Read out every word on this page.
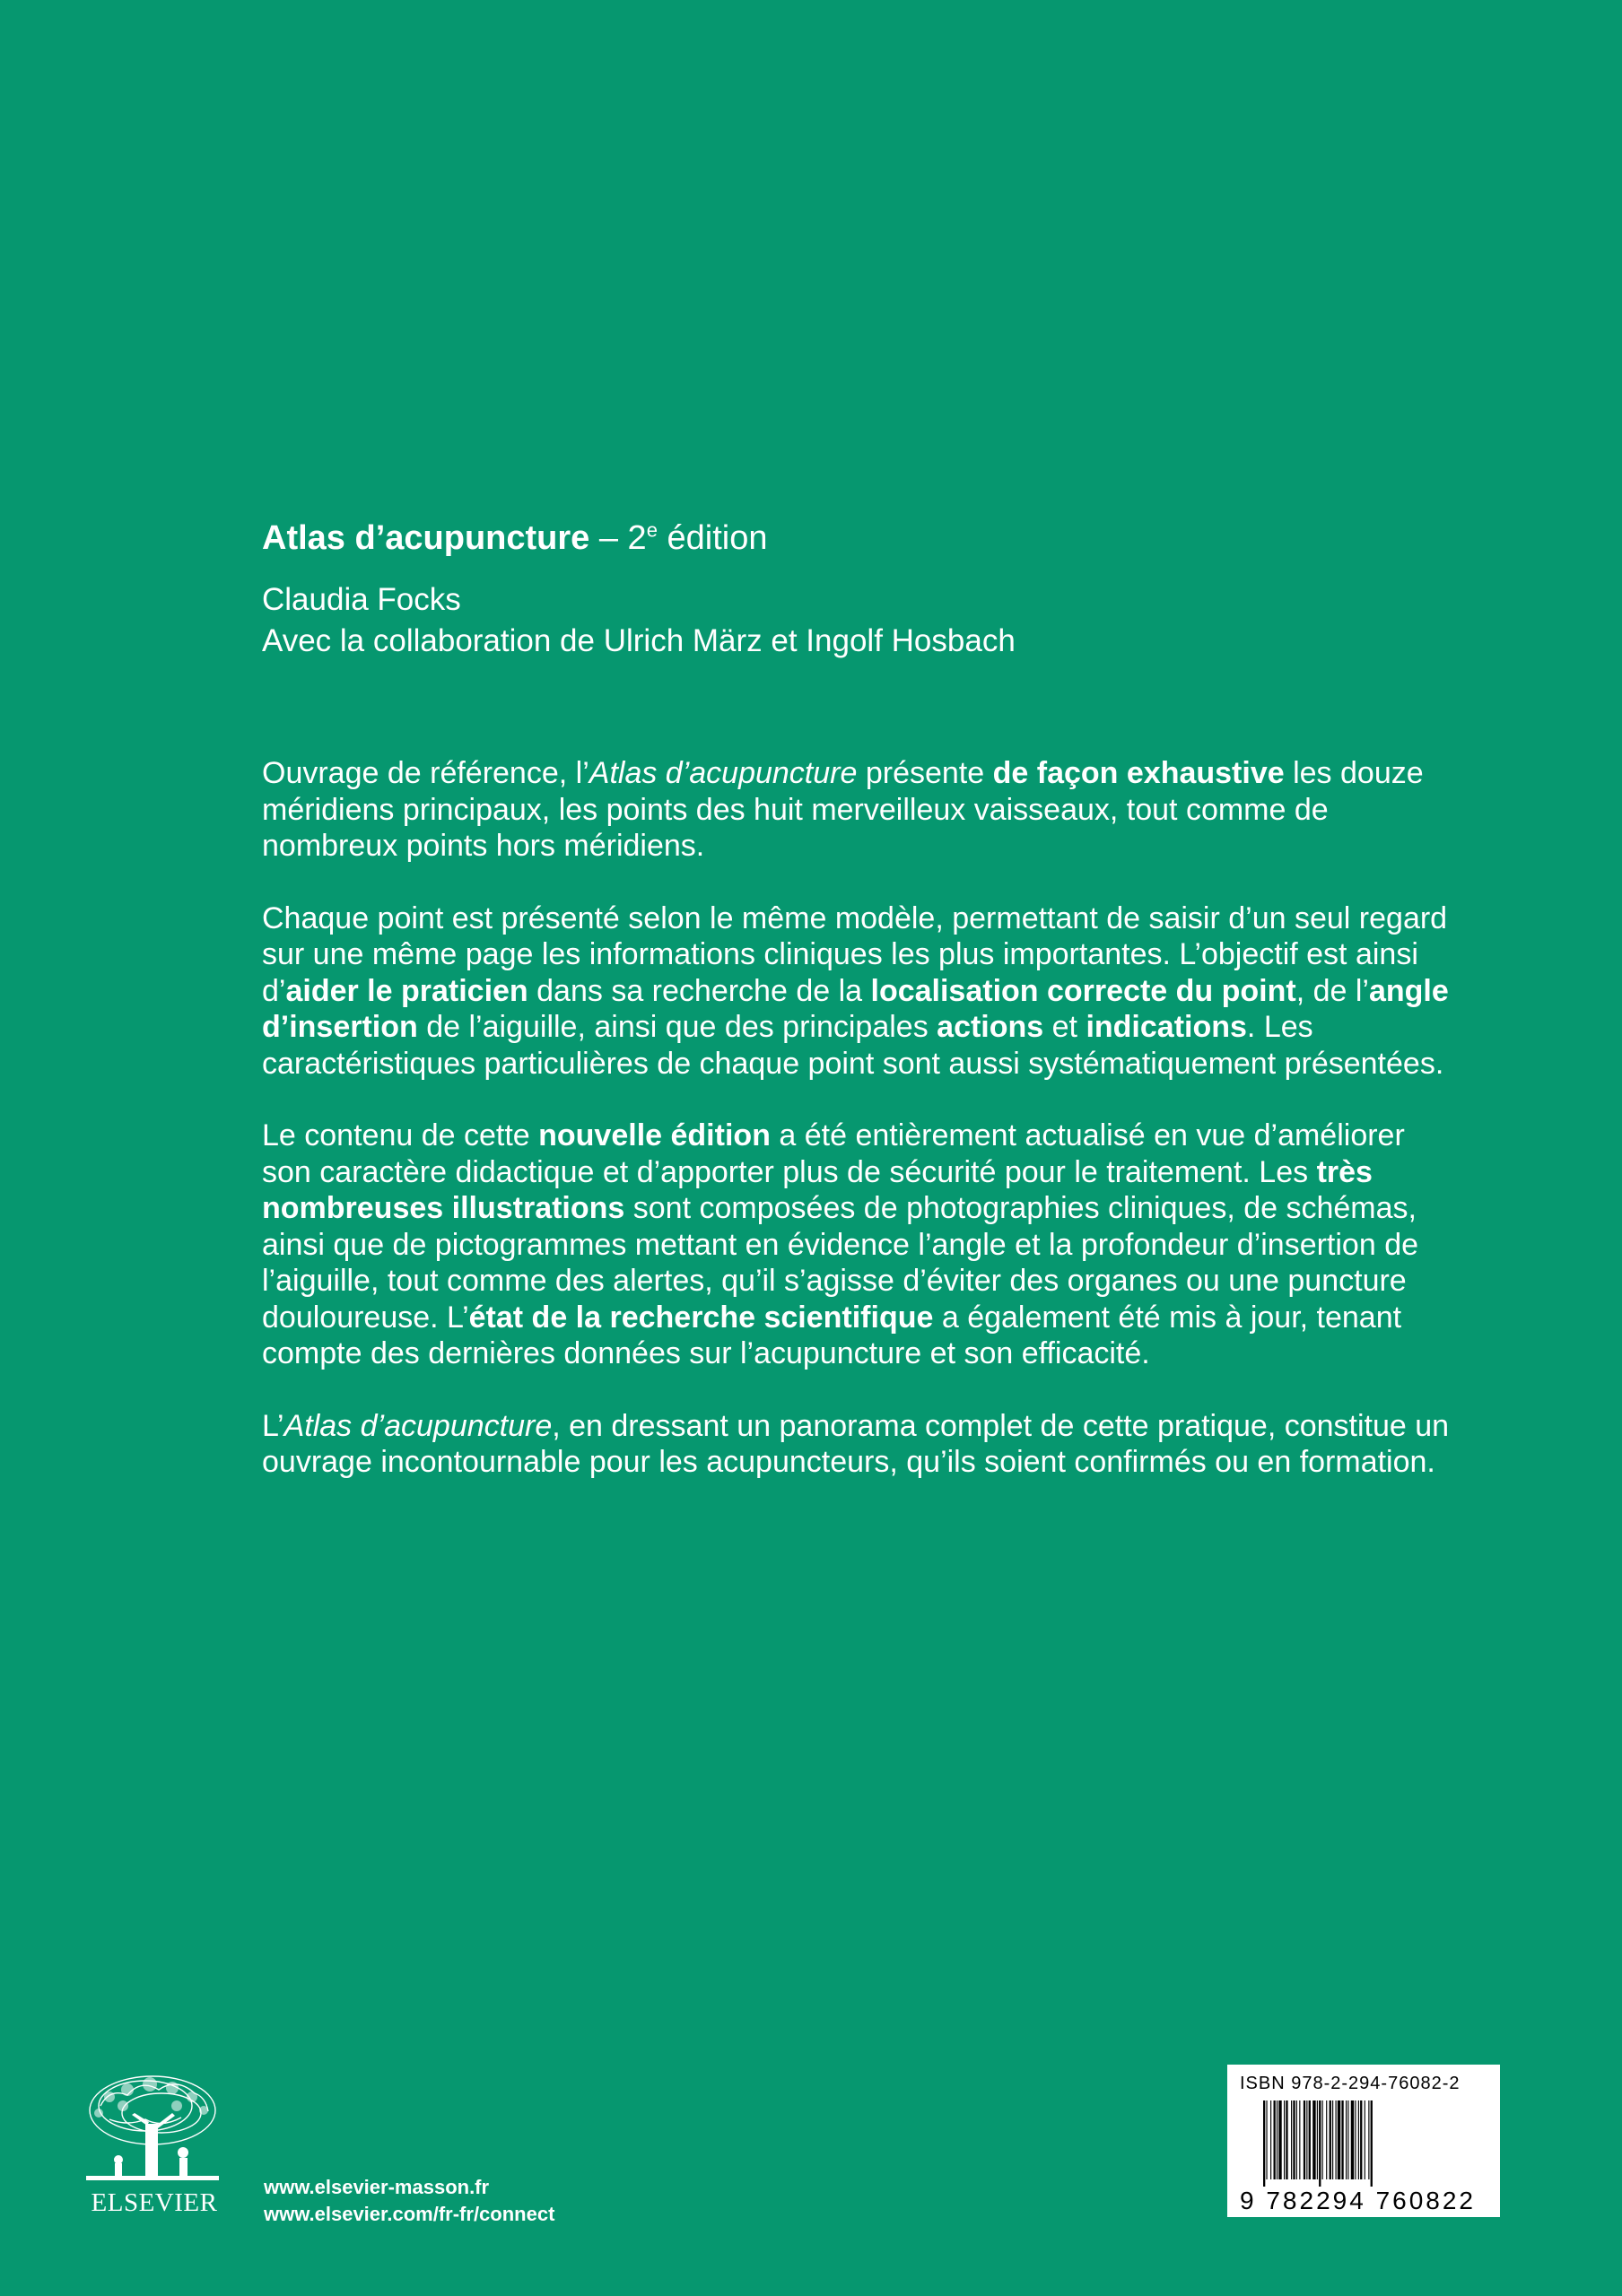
Atlas d’acupuncture – 2e édition
Claudia Focks
Avec la collaboration de Ulrich März et Ingolf Hosbach

Ouvrage de référence, l’Atlas d’acupuncture présente de façon exhaustive les douze méridiens principaux, les points des huit merveilleux vaisseaux, tout comme de nombreux points hors méridiens.

Chaque point est présenté selon le même modèle, permettant de saisir d’un seul regard sur une même page les informations cliniques les plus importantes. L’objectif est ainsi d’aider le praticien dans sa recherche de la localisation correcte du point, de l’angle d’insertion de l’aiguille, ainsi que des principales actions et indications. Les caractéristiques particulières de chaque point sont aussi systématiquement présentées.

Le contenu de cette nouvelle édition a été entièrement actualisé en vue d’améliorer son caractère didactique et d’apporter plus de sécurité pour le traitement. Les très nombreuses illustrations sont composées de photographies cliniques, de schémas, ainsi que de pictogrammes mettant en évidence l’angle et la profondeur d’insertion de l’aiguille, tout comme des alertes, qu’il s’agisse d’éviter des organes ou une puncture douloureuse. L’état de la recherche scientifique a également été mis à jour, tenant compte des dernières données sur l’acupuncture et son efficacité.

L’Atlas d’acupuncture, en dressant un panorama complet de cette pratique, constitue un ouvrage incontournable pour les acupuncteurs, qu’ils soient confirmés ou en formation.

ELSEVIER
www.elsevier-masson.fr
www.elsevier.com/fr-fr/connect
ISBN 978-2-294-76082-2
9 782294 760822
